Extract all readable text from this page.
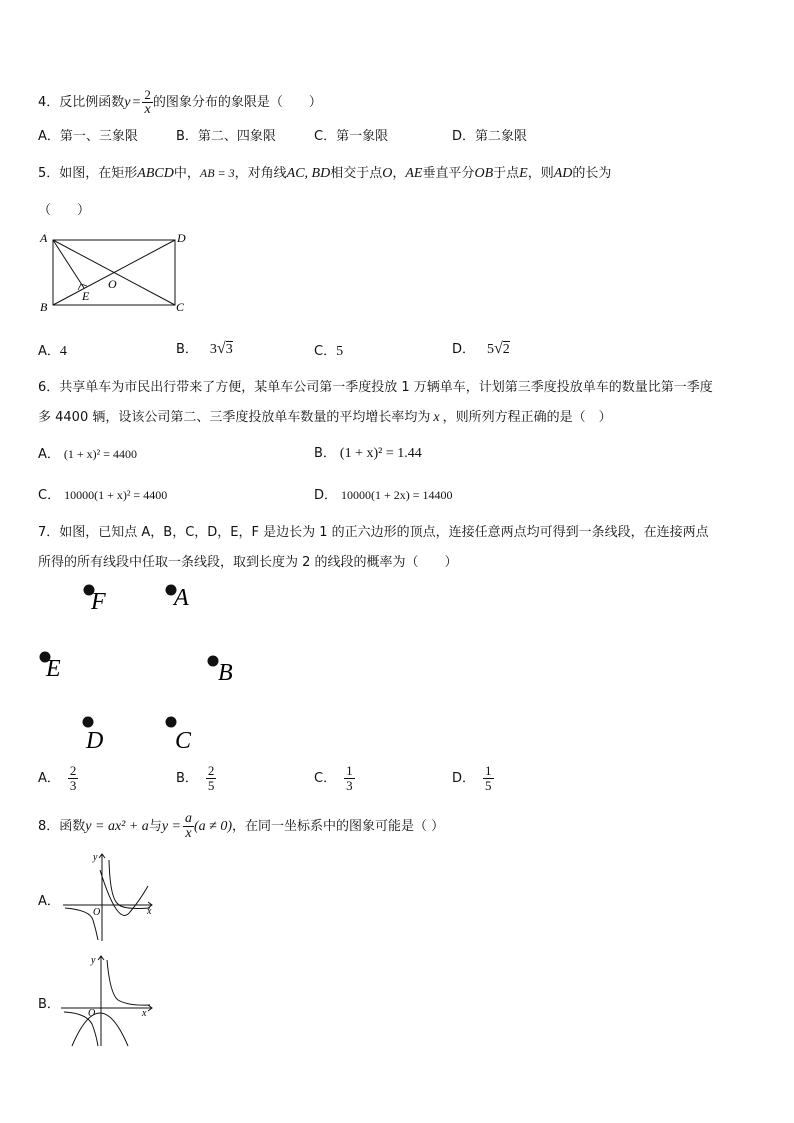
4．反比例函数$y = \frac{2}{x}$ 的图象分布的象限是（　　）
A．第一、三象限	B．第二、四象限	C．第一象限	D．第二象限
5．如图，在矩形ABCD中，AB = 3，对角线AC, BD相交于点O，AE垂直平分OB于点E，则AD的长为
（　　）
A
B	C
D
E
O
A．4	B． 3√3	C．5	D． 5√2
6．共享单车为市民出行带来了方便，某单车公司第一季度投放 1 万辆单车，计划第三季度投放单车的数量比第一季度
多 4400 辆，设该公司第二、三季度投放单车数量的平均增长率均为 x ，则所列方程正确的是（　）
A． (1 + x)² = 4400	B． (1 + x)² = 1.44
C． 10000(1 + x)² = 4400	D． 10000(1 + 2x) = 14400
7．如图，已知点 A，B，C，D，E，F 是边长为 1 的正六边形的顶点，连接任意两点均可得到一条线段，在连接两点
所得的所有线段中任取一条线段，取到长度为 2 的线段的概率为（　　）
F	A
E	B
D	C
A． $\frac{2}{3}$	B． $\frac{2}{5}$	C． $\frac{1}{3}$	D． $\frac{1}{5}$
8．函数y = ax² + a与$y = \frac{a}{x} (a \ne 0)$，在同一坐标系中的图象可能是（ ）
A．
x
y
O
B．
x
y
O
